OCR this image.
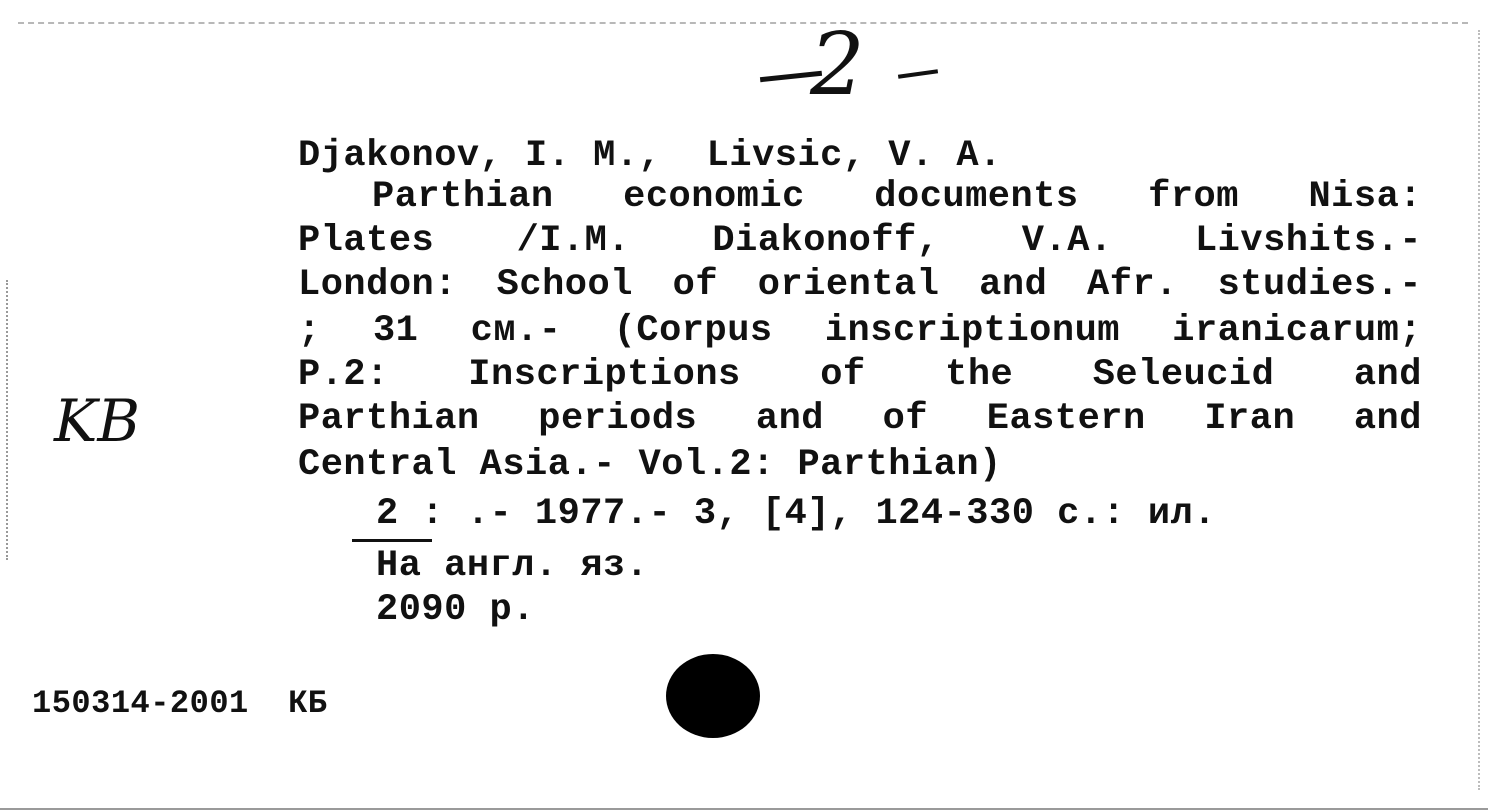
2
KB
Djakonov, I. M.,  Livsic, V. A.
Parthian economic documents from Nisa:
Plates /I.M. Diakonoff, V.A. Livshits.-
London: School of oriental and Afr. studies.-
; 31 см.- (Corpus inscriptionum iranicarum;
P.2: Inscriptions of the Seleucid and
Parthian periods and of Eastern Iran and
Central Asia.- Vol.2: Parthian)
2 : .- 1977.- 3, [4], 124-330 с.: ил.
На англ. яз.
2090 р.
150314-2001  КБ
